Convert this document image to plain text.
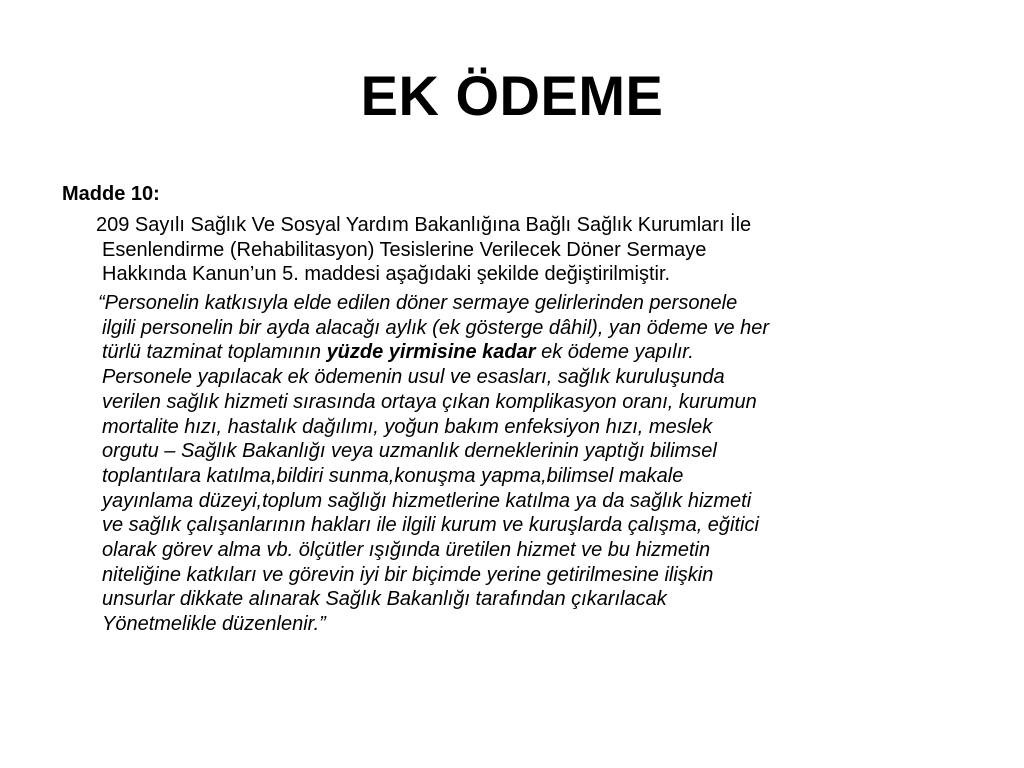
EK ÖDEME
Madde 10:

209 Sayılı Sağlık Ve Sosyal Yardım Bakanlığına Bağlı Sağlık Kurumları İle
Esenlendirme (Rehabilitasyon) Tesislerine Verilecek Döner Sermaye
Hakkında Kanun’un 5. maddesi aşağıdaki şekilde değiştirilmiştir.

“Personelin katkısıyla elde edilen döner sermaye gelirlerinden personele
ilgili personelin bir ayda alacağı aylık (ek gösterge dâhil), yan ödeme ve her
türlü tazminat toplamının yüzde yirmisine kadar ek ödeme yapılır.
Personele yapılacak ek ödemenin usul ve esasları, sağlık kuruluşunda
verilen sağlık hizmeti sırasında ortaya çıkan komplikasyon oranı, kurumun
mortalite hızı, hastalık dağılımı, yoğun bakım enfeksiyon hızı, meslek
orgutu – Sağlık Bakanlığı veya uzmanlık derneklerinin yaptığı bilimsel
toplantılara katılma,bildiri sunma,konuşma yapma,bilimsel makale
yayınlama düzeyi,toplum sağlığı hizmetlerine katılma ya da sağlık hizmeti
ve sağlık çalışanlarının hakları ile ilgili kurum ve kuruşlarda çalışma, eğitici
olarak görev alma vb. ölçütler ışığında üretilen hizmet ve bu hizmetin
niteliğine katkıları ve görevin iyi bir biçimde yerine getirilmesine ilişkin
unsurlar dikkate alınarak Sağlık Bakanlığı tarafından çıkarılacak
Yönetmelikle düzenlenir.”
